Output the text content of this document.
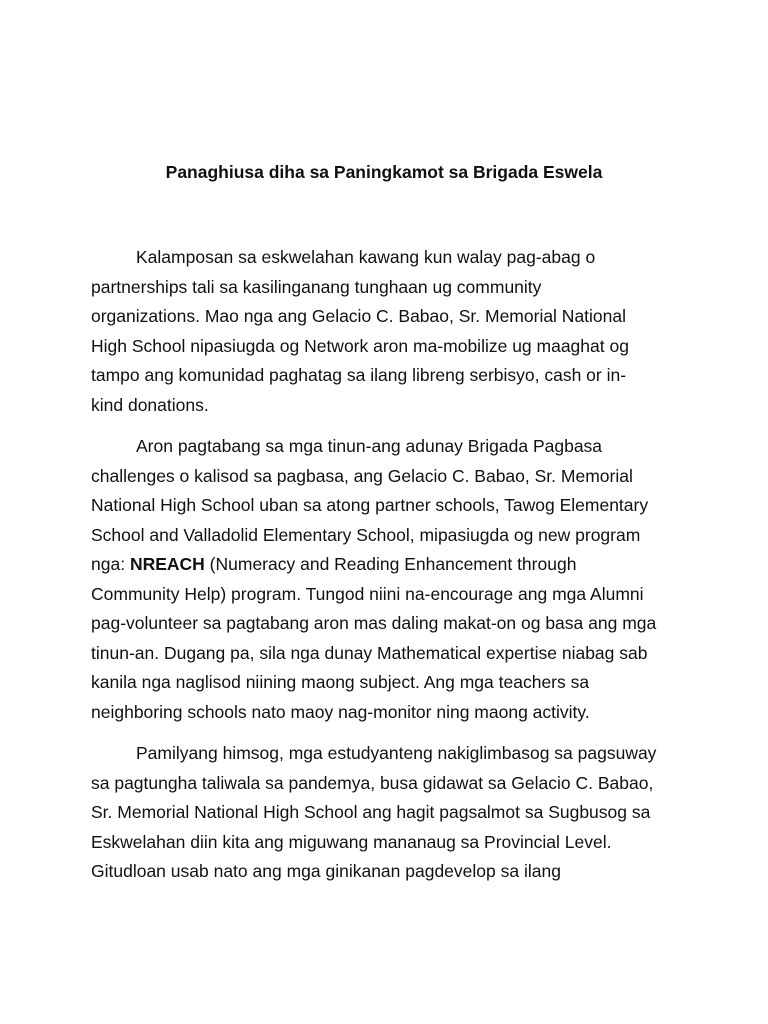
Panaghiusa diha sa Paningkamot sa Brigada Eswela

Kalamposan sa eskwelahan kawang kun walay pag-abag o
partnerships tali sa kasilinganang tunghaan ug community
organizations. Mao nga ang Gelacio C. Babao, Sr. Memorial National
High School nipasiugda og Network aron ma-mobilize ug maaghat og
tampo ang komunidad paghatag sa ilang libreng serbisyo, cash or in-
kind donations.

Aron pagtabang sa mga tinun-ang adunay Brigada Pagbasa
challenges o kalisod sa pagbasa, ang Gelacio C. Babao, Sr. Memorial
National High School uban sa atong partner schools, Tawog Elementary
School and Valladolid Elementary School, mipasiugda og new program
nga: NREACH (Numeracy and Reading Enhancement through
Community Help) program. Tungod niini na-encourage ang mga Alumni
pag-volunteer sa pagtabang aron mas daling makat-on og basa ang mga
tinun-an. Dugang pa, sila nga dunay Mathematical expertise niabag sab
kanila nga naglisod niining maong subject. Ang mga teachers sa
neighboring schools nato maoy nag-monitor ning maong activity.

Pamilyang himsog, mga estudyanteng nakiglimbasog sa pagsuway
sa pagtungha taliwala sa pandemya, busa gidawat sa Gelacio C. Babao,
Sr. Memorial National High School ang hagit pagsalmot sa Sugbusog sa
Eskwelahan diin kita ang miguwang mananaug sa Provincial Level.
Gitudloan usab nato ang mga ginikanan pagdevelop sa ilang
